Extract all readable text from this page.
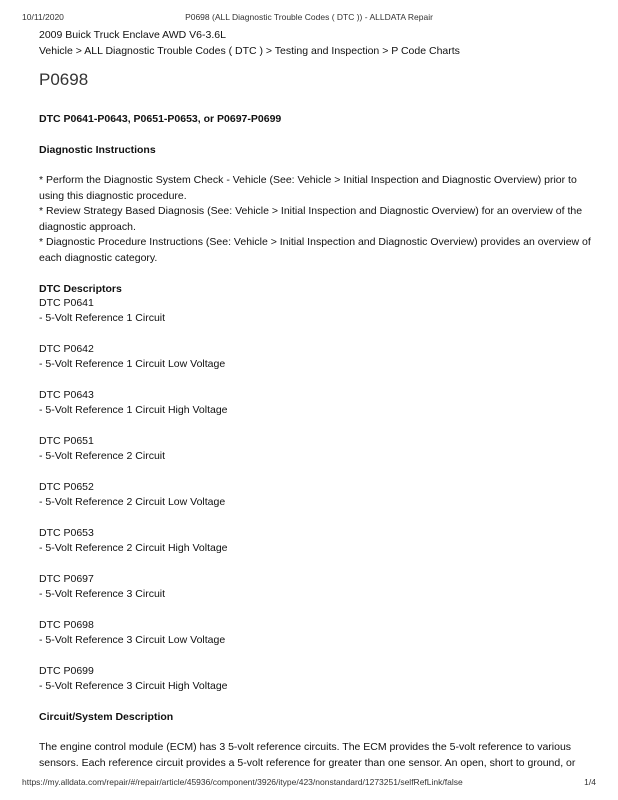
10/11/2020	P0698 (ALL Diagnostic Trouble Codes ( DTC )) - ALLDATA Repair
2009 Buick Truck Enclave AWD V6-3.6L
Vehicle > ALL Diagnostic Trouble Codes ( DTC ) > Testing and Inspection > P Code Charts
P0698
DTC P0641-P0643, P0651-P0653, or P0697-P0699
Diagnostic Instructions
* Perform the Diagnostic System Check - Vehicle (See: Vehicle > Initial Inspection and Diagnostic Overview) prior to using this diagnostic procedure.
* Review Strategy Based Diagnosis (See: Vehicle > Initial Inspection and Diagnostic Overview) for an overview of the diagnostic approach.
* Diagnostic Procedure Instructions (See: Vehicle > Initial Inspection and Diagnostic Overview) provides an overview of each diagnostic category.
DTC Descriptors
DTC P0641
- 5-Volt Reference 1 Circuit
DTC P0642
- 5-Volt Reference 1 Circuit Low Voltage
DTC P0643
- 5-Volt Reference 1 Circuit High Voltage
DTC P0651
- 5-Volt Reference 2 Circuit
DTC P0652
- 5-Volt Reference 2 Circuit Low Voltage
DTC P0653
- 5-Volt Reference 2 Circuit High Voltage
DTC P0697
- 5-Volt Reference 3 Circuit
DTC P0698
- 5-Volt Reference 3 Circuit Low Voltage
DTC P0699
- 5-Volt Reference 3 Circuit High Voltage
Circuit/System Description
The engine control module (ECM) has 3 5-volt reference circuits. The ECM provides the 5-volt reference to various sensors. Each reference circuit provides a 5-volt reference for greater than one sensor. An open, short to ground, or
https://my.alldata.com/repair/#/repair/article/45936/component/3926/itype/423/nonstandard/1273251/selfRefLink/false	1/4
